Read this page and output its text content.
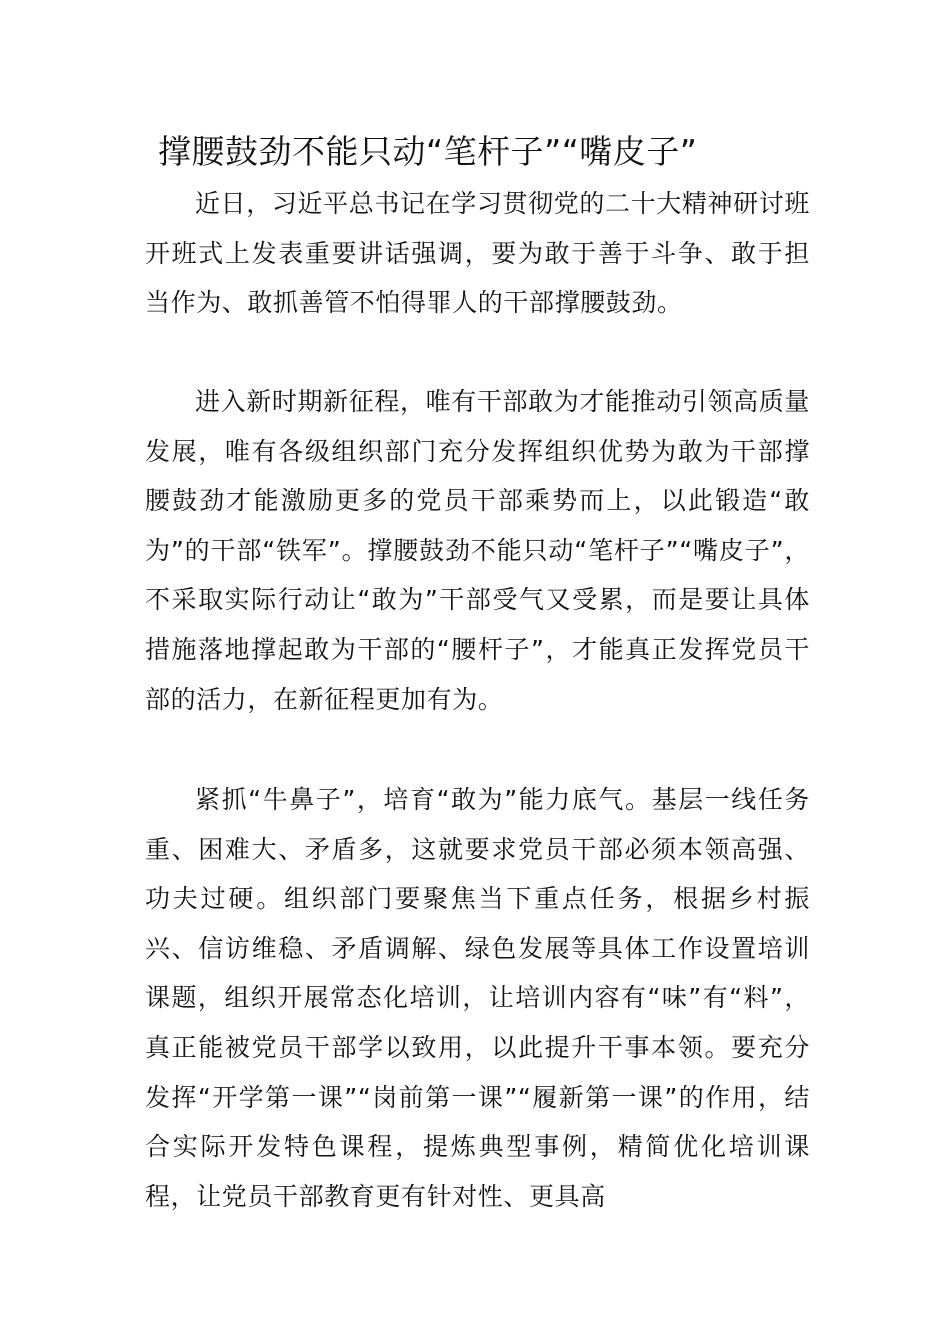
撑腰鼓劲不能只动“笔杆子”“嘴皮子”

近日，习近平总书记在学习贯彻党的二十大精神研讨班开班式上发表重要讲话强调，要为敢于善于斗争、敢于担当作为、敢抓善管不怕得罪人的干部撑腰鼓劲。

进入新时期新征程，唯有干部敢为才能推动引领高质量发展，唯有各级组织部门充分发挥组织优势为敢为干部撑腰鼓劲才能激励更多的党员干部乘势而上，以此锻造“敢为”的干部“铁军”。撑腰鼓劲不能只动“笔杆子”“嘴皮子”，不采取实际行动让“敢为”干部受气又受累，而是要让具体措施落地撑起敢为干部的“腰杆子”，才能真正发挥党员干部的活力，在新征程更加有为。

紧抓“牛鼻子”，培育“敢为”能力底气。基层一线任务重、困难大、矛盾多，这就要求党员干部必须本领高强、功夫过硬。组织部门要聚焦当下重点任务，根据乡村振兴、信访维稳、矛盾调解、绿色发展等具体工作设置培训课题，组织开展常态化培训，让培训内容有“味”有“料”，真正能被党员干部学以致用，以此提升干事本领。要充分发挥“开学第一课”“岗前第一课”“履新第一课”的作用，结合实际开发特色课程，提炼典型事例，精简优化培训课程，让党员干部教育更有针对性、更具高
